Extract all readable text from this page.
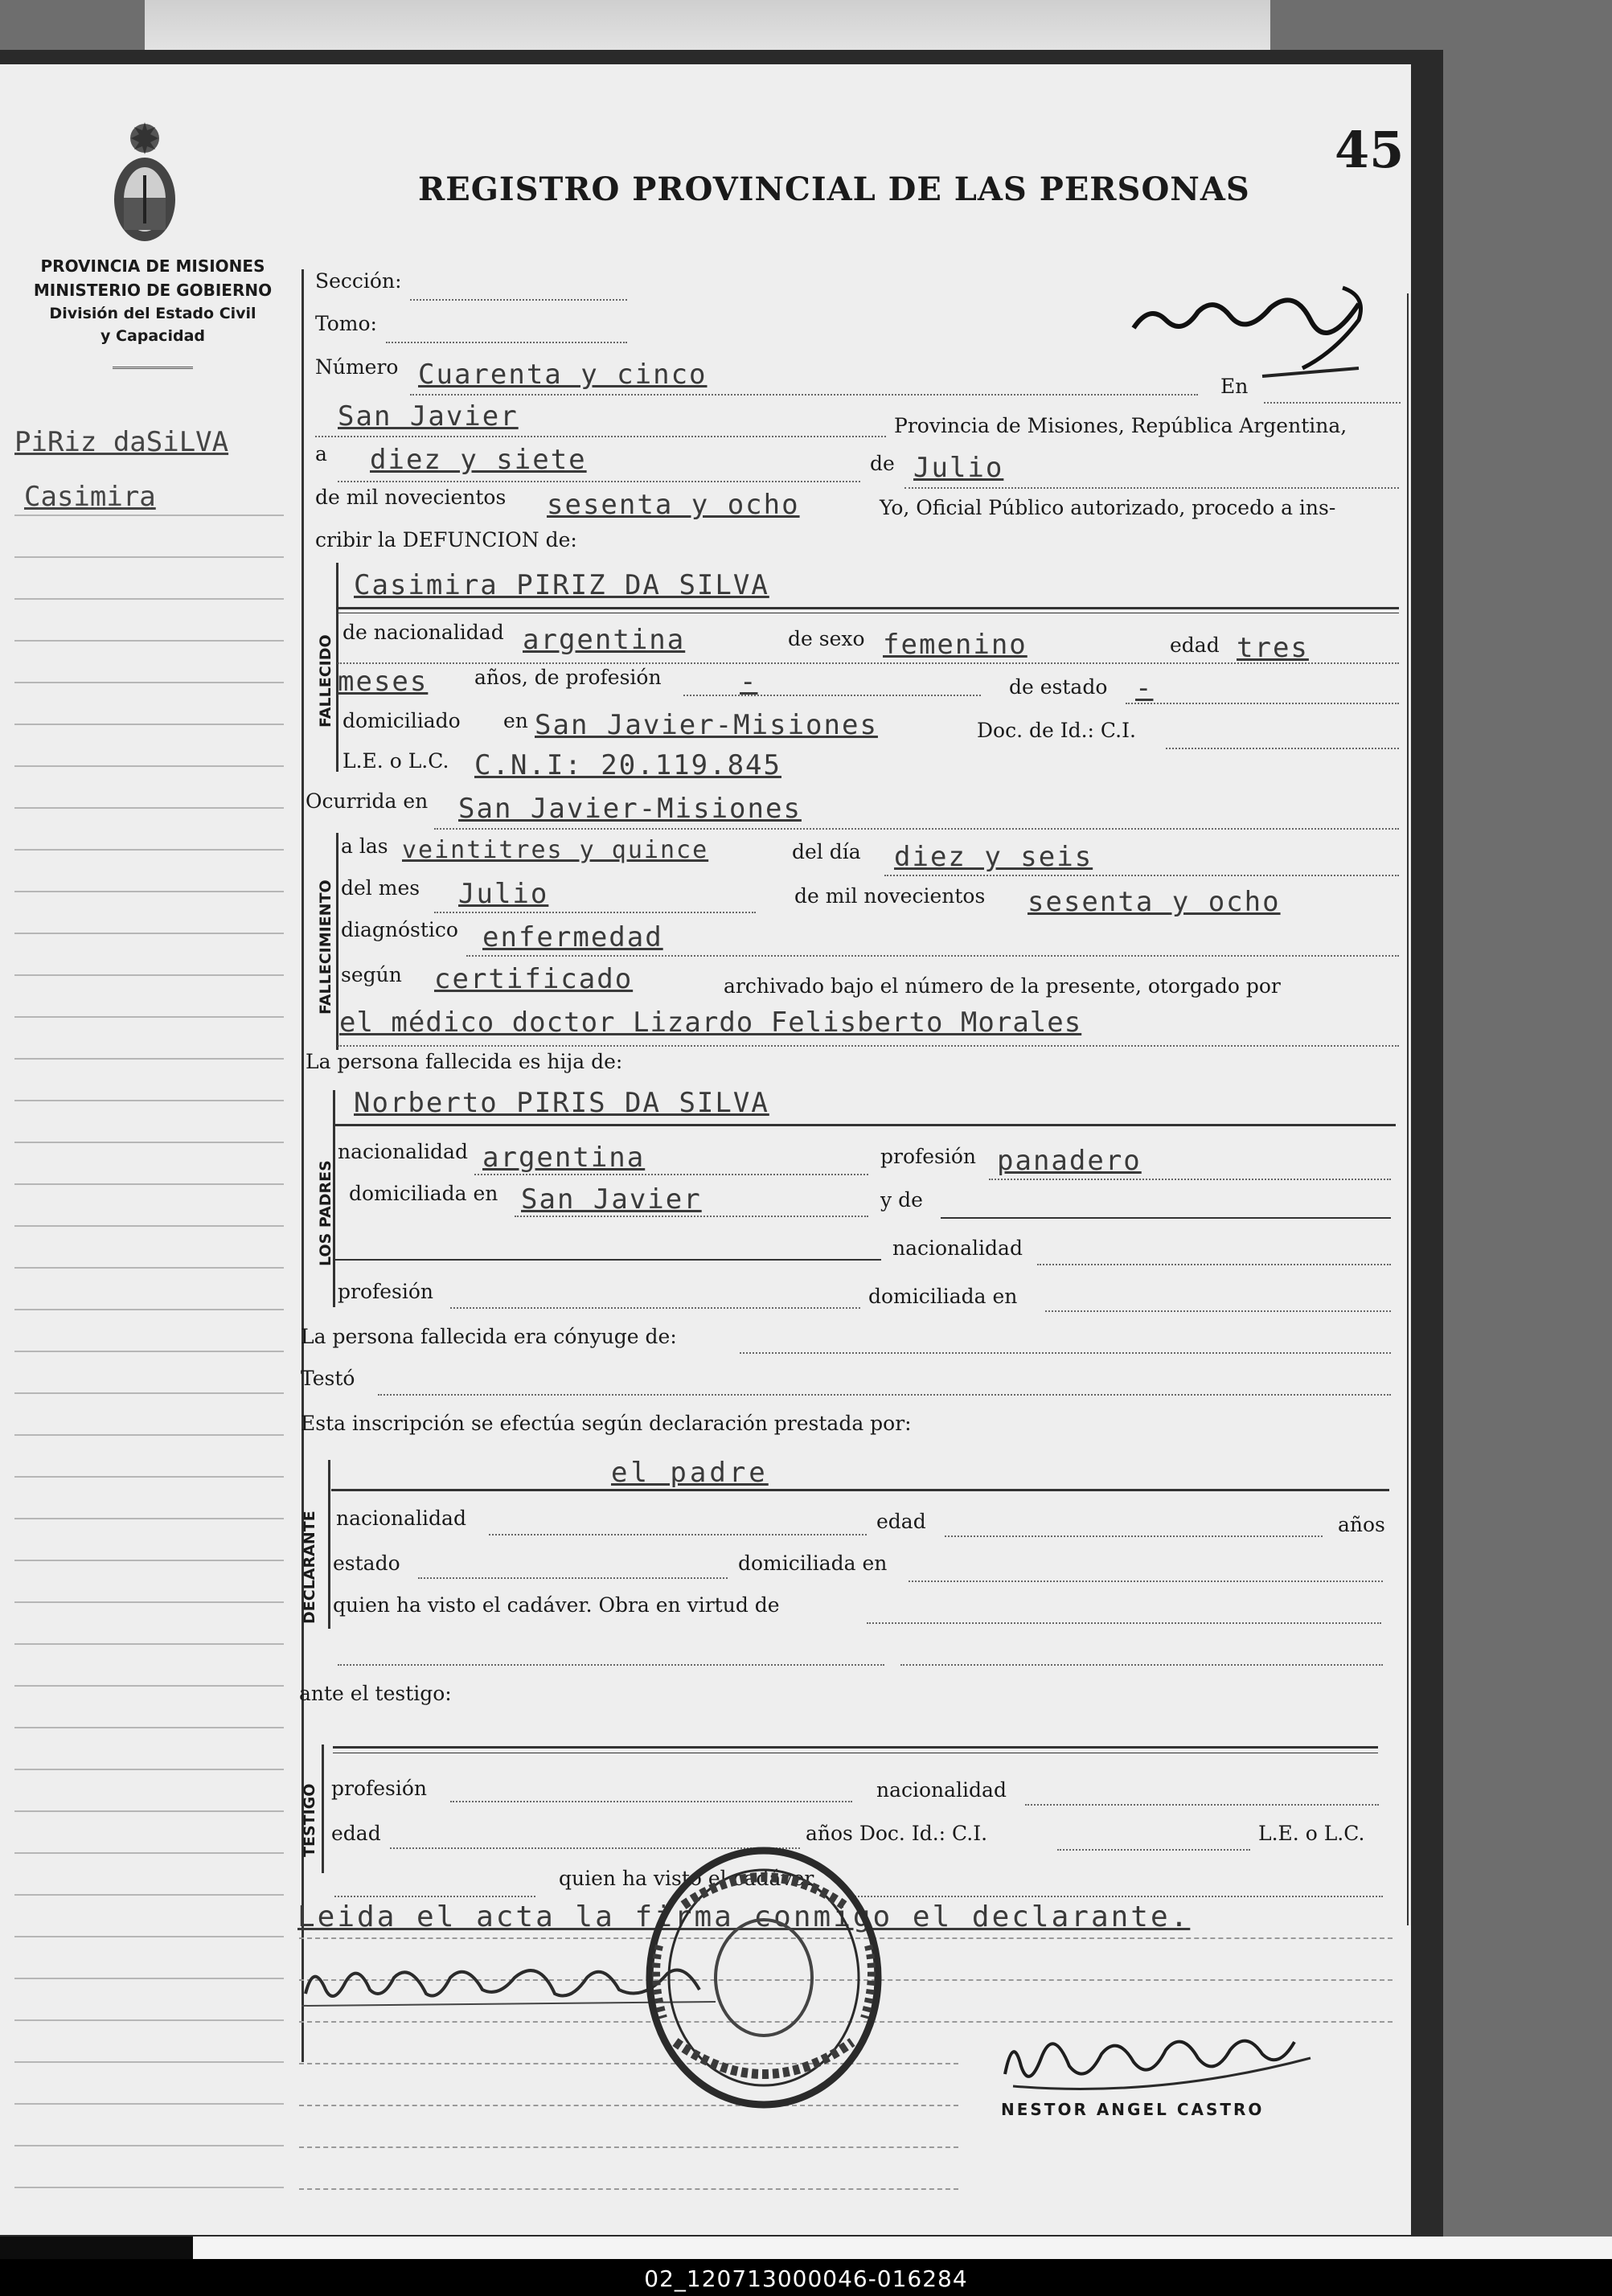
02_120713000046-016284
45
PROVINCIA DE MISIONES
MINISTERIO DE GOBIERNO
División del Estado Civil
y Capacidad
REGISTRO PROVINCIAL DE LAS PERSONAS
PiRiz daSiLVA
Casimira
Sección:
Tomo:
Número Cuarenta y cinco	En
San Javier	Provincia de Misiones, República Argentina,
a diez y siete	de Julio
de mil novecientos sesenta y ocho	Yo, Oficial Público autorizado, procedo a ins-
cribir la DEFUNCION de:
FALLECIDO
Casimira PIRIZ DA SILVA
de nacionalidad argentina	de sexo femenino	edad tres
meses años, de profesión	-	de estado -
domiciliado en San Javier-Misiones	Doc. de Id.: C.I.
L.E. o L.C. C.N.I: 20.119.845
Ocurrida en San Javier-Misiones
FALLECIMIENTO
a las veintitres y quince	del día diez y seis
del mes Julio	de mil novecientos sesenta y ocho
diagnóstico enfermedad
según certificado	archivado bajo el número de la presente, otorgado por
el médico doctor Lizardo Felisberto Morales
La persona fallecida es hija de:
LOS PADRES
Norberto PIRIS DA SILVA
nacionalidad argentina	profesión panadero
domiciliada en San Javier	y de
nacionalidad
profesión	domiciliada en
La persona fallecida era cónyuge de:
Testó
Esta inscripción se efectúa según declaración prestada por:
DECLARANTE
el padre
nacionalidad	edad	años
estado	domiciliada en
quien ha visto el cadáver. Obra en virtud de
ante el testigo:
TESTIGO profesión	nacionalidad
edad	años Doc. Id.: C.I.	L.E. o L.C.
quien ha visto el cadáver
Leida el acta la firma conmigo el declarante.
NESTOR ANGEL CASTRO
